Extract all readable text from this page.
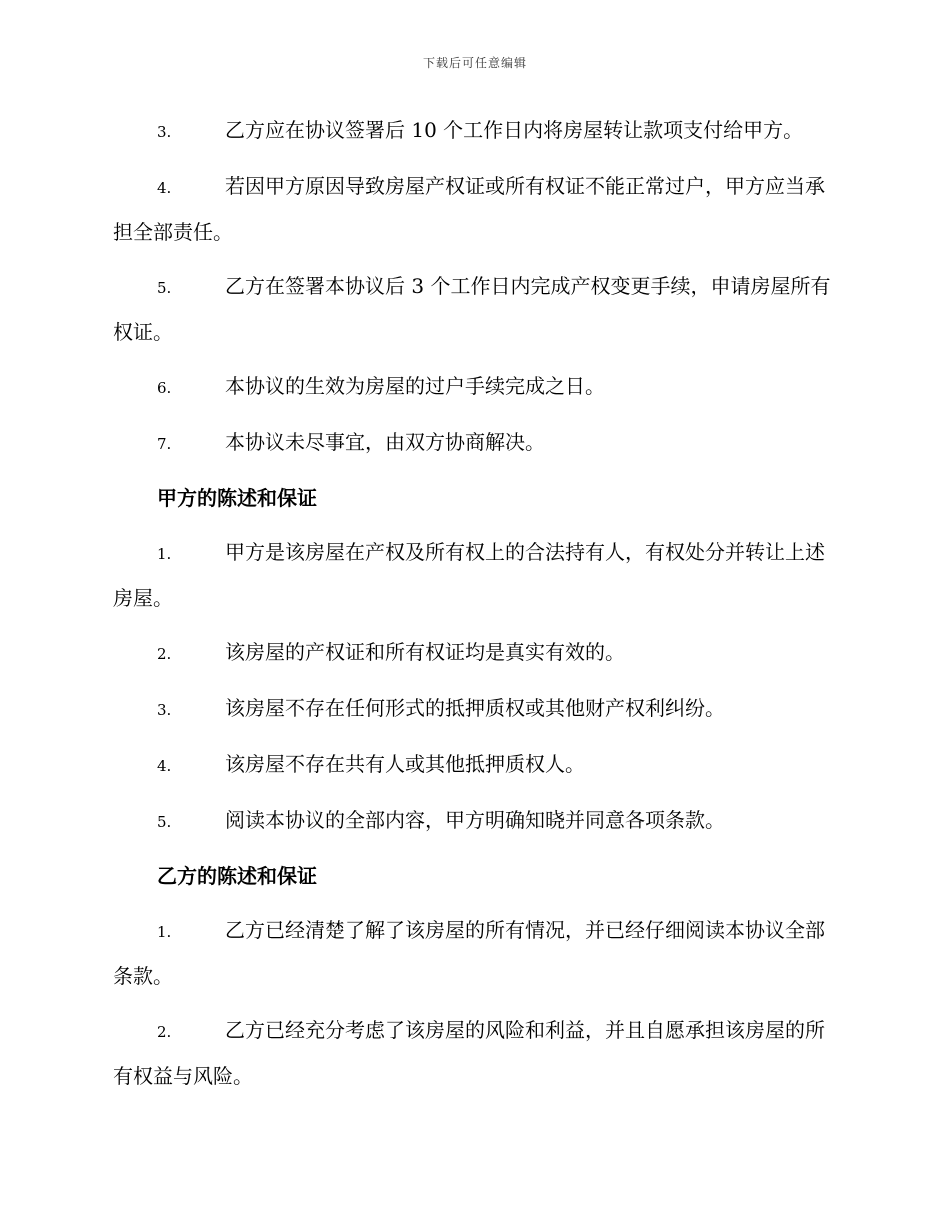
下载后可任意编辑

3.	乙方应在协议签署后 10 个工作日内将房屋转让款项支付给甲方。

4.	若因甲方原因导致房屋产权证或所有权证不能正常过户，甲方应当承担全部责任。

5.	乙方在签署本协议后 3 个工作日内完成产权变更手续，申请房屋所有权证。

6.	本协议的生效为房屋的过户手续完成之日。

7.	本协议未尽事宜，由双方协商解决。

甲方的陈述和保证

1.	甲方是该房屋在产权及所有权上的合法持有人，有权处分并转让上述房屋。

2.	该房屋的产权证和所有权证均是真实有效的。

3.	该房屋不存在任何形式的抵押质权或其他财产权利纠纷。

4.	该房屋不存在共有人或其他抵押质权人。

5.	阅读本协议的全部内容，甲方明确知晓并同意各项条款。

乙方的陈述和保证

1.	乙方已经清楚了解了该房屋的所有情况，并已经仔细阅读本协议全部条款。

2.	乙方已经充分考虑了该房屋的风险和利益，并且自愿承担该房屋的所有权益与风险。
